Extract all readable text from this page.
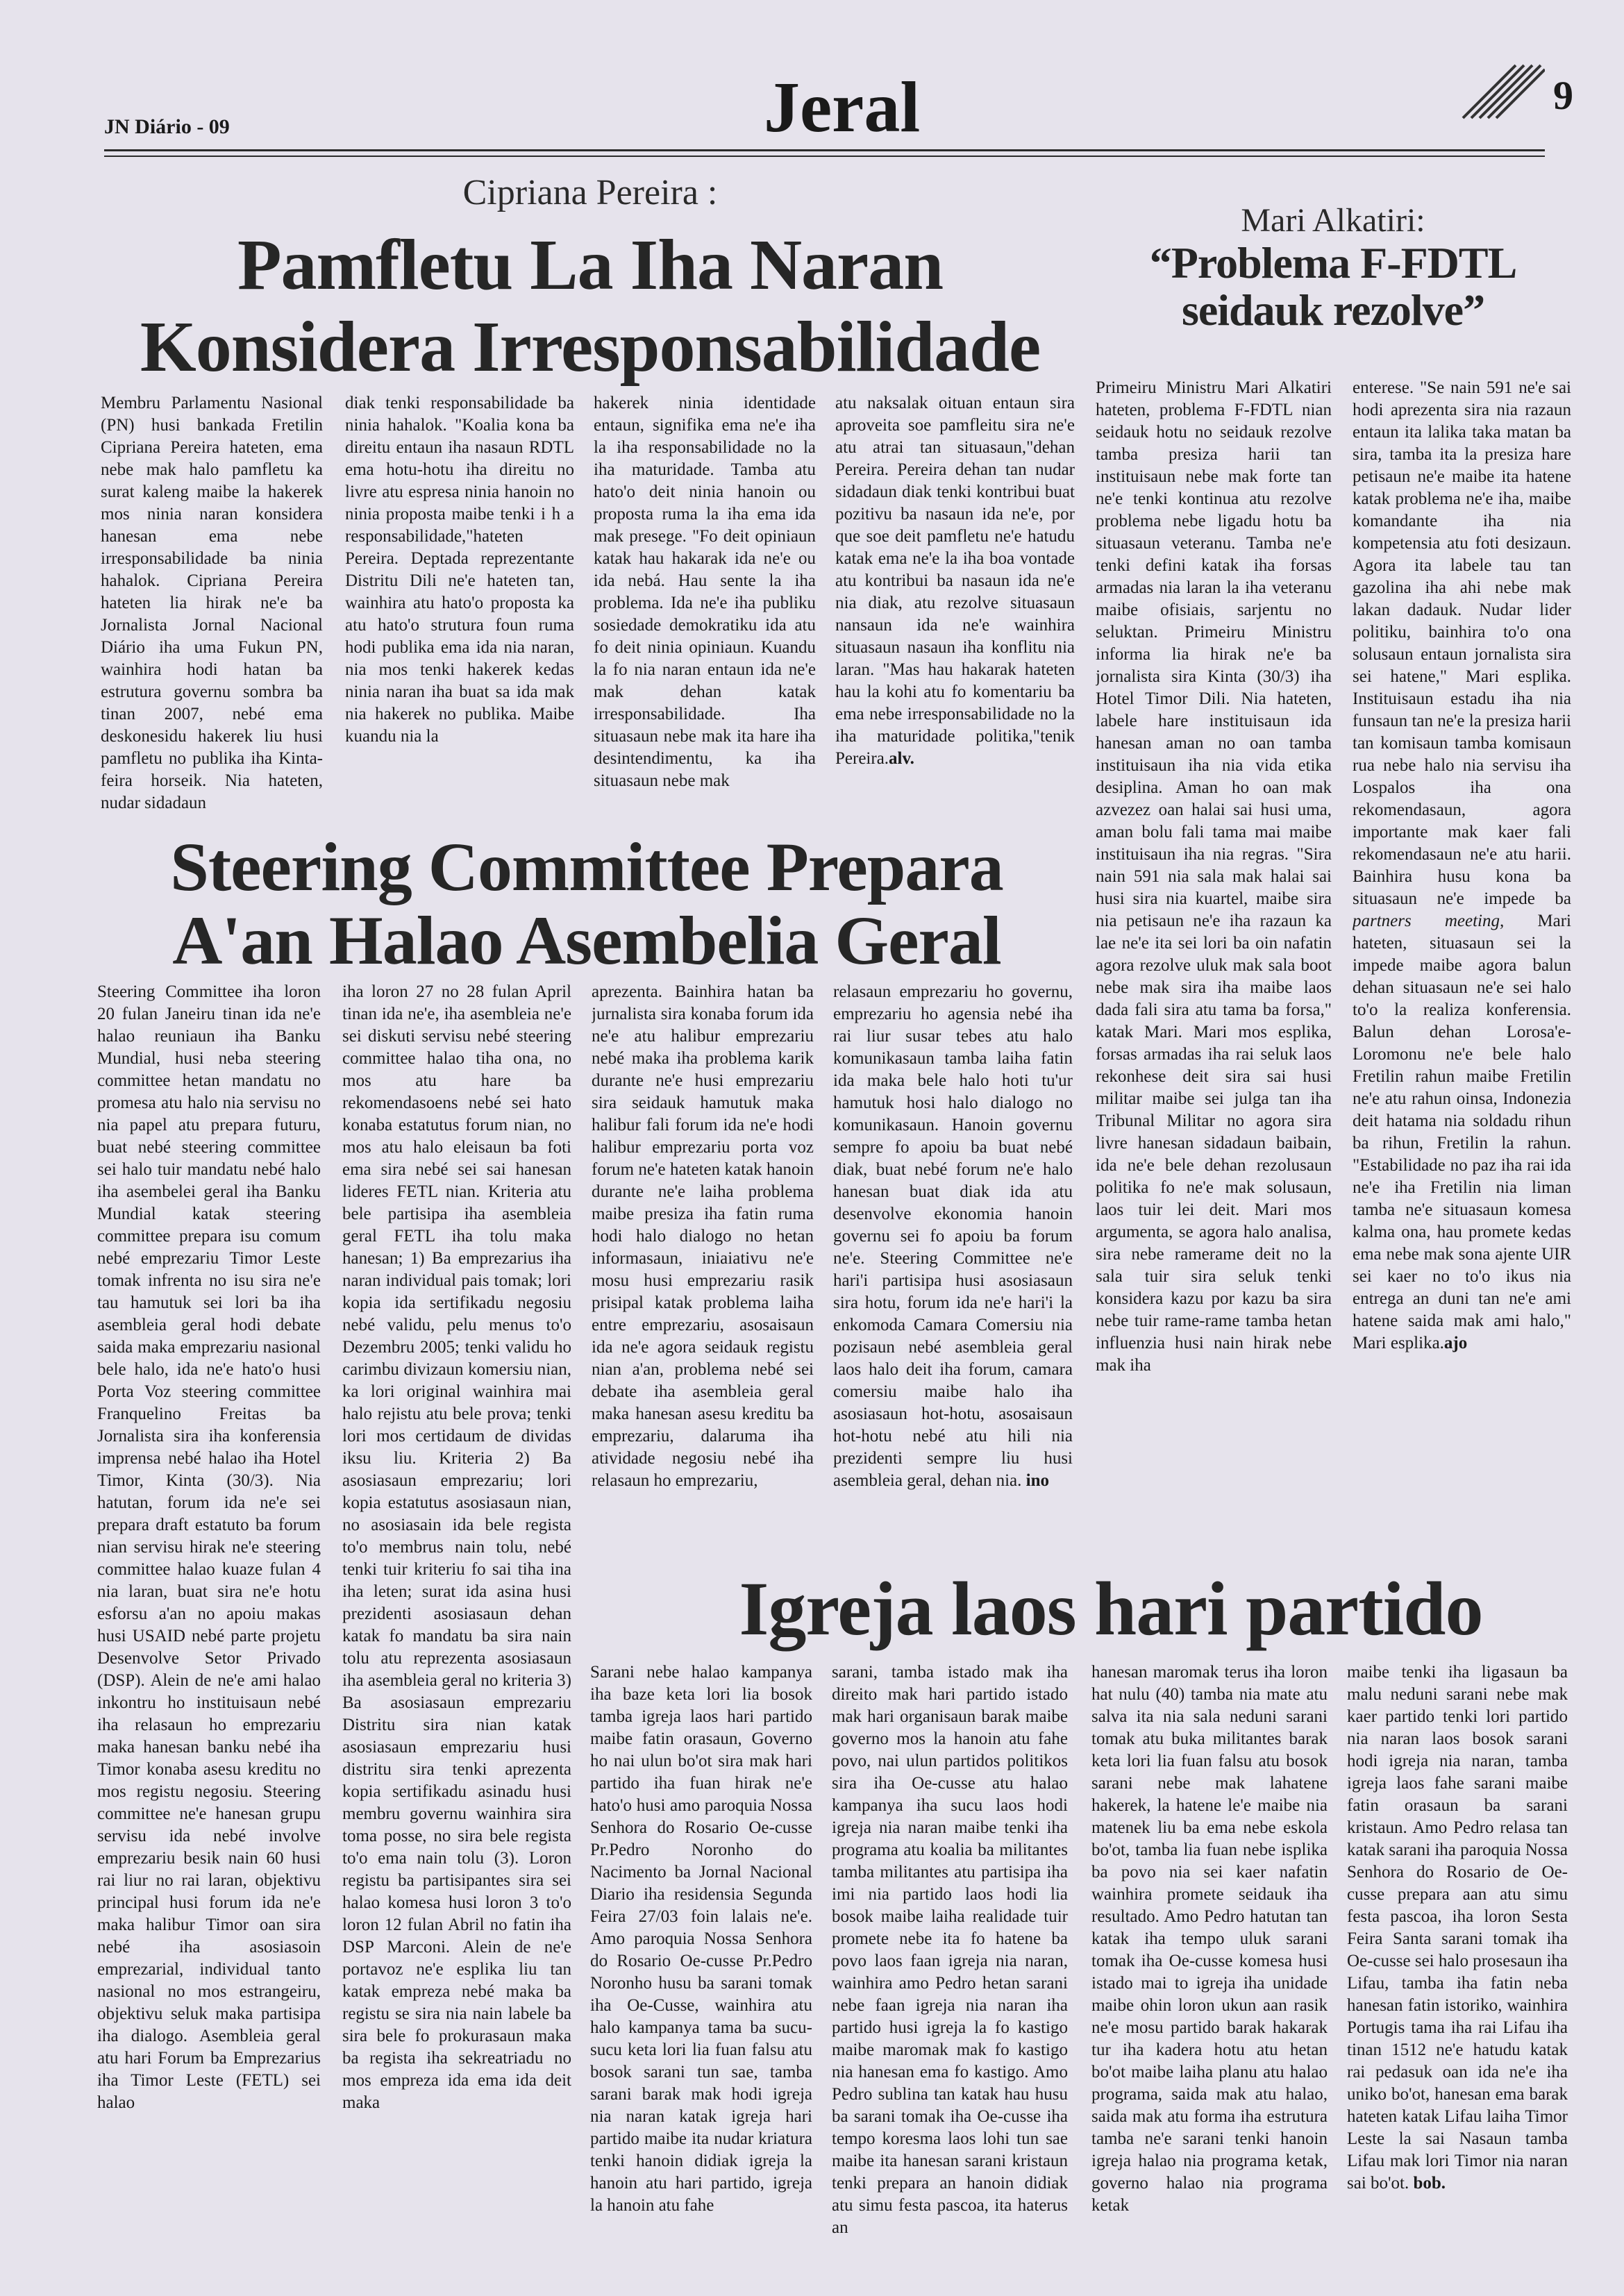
JN Diário - 09	Jeral	9
Cipriana Pereira :
Pamfletu La Iha Naran
Konsidera Irresponsabilidade

Membru Parlamentu Nasional (PN) husi bankada Fretilin Cipriana Pereira hateten, ema nebe mak halo pamfletu ka surat kaleng maibe la hakerek mos ninia naran konsidera hanesan ema nebe irresponsabilidade ba ninia hahalok. Cipriana Pereira hateten lia hirak ne'e ba Jornalista Jornal Nacional Diário iha uma Fukun PN, wainhira hodi hatan ba estrutura governu sombra ba tinan 2007, nebé ema deskonesidu hakerek liu husi pamfletu no publika iha Kinta-feira horseik. Nia hateten, nudar sidadaun

diak tenki responsabilidade ba ninia hahalok. "Koalia kona ba direitu entaun iha nasaun RDTL ema hotu-hotu iha direitu no livre atu espresa ninia hanoin no ninia proposta maibe tenki i h a responsabilidade,"hateten Pereira. Deptada reprezentante Distritu Dili ne'e hateten tan, wainhira atu hato'o proposta ka atu hato'o strutura foun ruma hodi publika ema ida nia naran, nia mos tenki hakerek kedas ninia naran iha buat sa ida mak nia hakerek no publika. Maibe kuandu nia la

hakerek ninia identidade entaun, signifika ema ne'e iha la iha responsabilidade no la iha maturidade. Tamba atu hato'o deit ninia hanoin ou proposta ruma la iha ema ida mak presege. "Fo deit opiniaun katak hau hakarak ida ne'e ou ida nebá. Hau sente la iha problema. Ida ne'e iha publiku sosiedade demokratiku ida atu fo deit ninia opiniaun. Kuandu la fo nia naran entaun ida ne'e mak dehan katak irresponsabilidade. Iha situasaun nebe mak ita hare iha desintendimentu, ka iha situasaun nebe mak

atu naksalak oituan entaun sira aproveita soe pamfleitu sira ne'e atu atrai tan situasaun,"dehan Pereira. Pereira dehan tan nudar sidadaun diak tenki kontribui buat pozitivu ba nasaun ida ne'e, por que soe deit pamfletu ne'e hatudu katak ema ne'e la iha boa vontade atu kontribui ba nasaun ida ne'e nia diak, atu rezolve situasaun nansaun ida ne'e wainhira situasaun nasaun iha konflitu nia laran. "Mas hau hakarak hateten hau la kohi atu fo komentariu ba ema nebe irresponsabilidade no la iha maturidade politika,"tenik Pereira.alv.

Mari Alkatiri:
“Problema F-FDTL
seidauk rezolve”

Primeiru Ministru Mari Alkatiri hateten, problema F-FDTL nian seidauk hotu no seidauk rezolve tamba presiza harii tan instituisaun nebe mak forte tan ne'e tenki kontinua atu rezolve problema nebe ligadu hotu ba situasaun veteranu. Tamba ne'e tenki defini katak iha forsas armadas nia laran la iha veteranu maibe ofisiais, sarjentu no seluktan. Primeiru Ministru informa lia hirak ne'e ba jornalista sira Kinta (30/3) iha Hotel Timor Dili. Nia hateten, labele hare instituisaun ida hanesan aman no oan tamba instituisaun iha nia vida etika desiplina. Aman ho oan mak azvezez oan halai sai husi uma, aman bolu fali tama mai maibe instituisaun iha nia regras. "Sira nain 591 nia sala mak halai sai husi sira nia kuartel, maibe sira nia petisaun ne'e iha razaun ka lae ne'e ita sei lori ba oin nafatin agora rezolve uluk mak sala boot nebe mak sira iha maibe laos dada fali sira atu tama ba forsa," katak Mari. Mari mos esplika, forsas armadas iha rai seluk laos rekonhese deit sira sai husi militar maibe sei julga tan iha Tribunal Militar no agora sira livre hanesan sidadaun baibain, ida ne'e bele dehan rezolusaun politika fo ne'e mak solusaun, laos tuir lei deit. Mari mos argumenta, se agora halo analisa, sira nebe ramerame deit no la sala tuir sira seluk tenki konsidera kazu por kazu ba sira nebe tuir rame-rame tamba hetan influenzia husi nain hirak nebe mak iha

enterese. "Se nain 591 ne'e sai hodi aprezenta sira nia razaun entaun ita lalika taka matan ba sira, tamba ita la presiza hare petisaun ne'e maibe ita hatene katak problema ne'e iha, maibe komandante iha nia kompetensia atu foti desizaun. Agora ita labele tau tan gazolina iha ahi nebe mak lakan dadauk. Nudar lider politiku, bainhira to'o ona solusaun entaun jornalista sira sei hatene," Mari esplika. Instituisaun estadu iha nia funsaun tan ne'e la presiza harii tan komisaun tamba komisaun rua nebe halo nia servisu iha Lospalos iha ona rekomendasaun, agora importante mak kaer fali rekomendasaun ne'e atu harii. Bainhira husu kona ba situasaun ne'e impede ba partners meeting, Mari hateten, situasaun sei la impede maibe agora balun dehan situasaun ne'e sei halo to'o la realiza konferensia. Balun dehan Lorosa'e-Loromonu ne'e bele halo Fretilin rahun maibe Fretilin ne'e atu rahun oinsa, Indonezia deit hatama nia soldadu rihun ba rihun, Fretilin la rahun. "Estabilidade no paz iha rai ida ne'e iha Fretilin nia liman tamba ne'e situasaun komesa kalma ona, hau promete kedas ema nebe mak sona ajente UIR sei kaer no to'o ikus nia entrega an duni tan ne'e ami hatene saida mak ami halo," Mari esplika.ajo

Steering Committee Prepara
A'an Halao Asembelia Geral

Steering Committee iha loron 20 fulan Janeiru tinan ida ne'e halao reuniaun iha Banku Mundial, husi neba steering committee hetan mandatu no promesa atu halo nia servisu no nia papel atu prepara futuru, buat nebé steering committee sei halo tuir mandatu nebé halo iha asembelei geral iha Banku Mundial katak steering committee prepara isu comum nebé emprezariu Timor Leste tomak infrenta no isu sira ne'e tau hamutuk sei lori ba iha asembleia geral hodi debate saida maka emprezariu nasional bele halo, ida ne'e hato'o husi Porta Voz steering committee Franquelino Freitas ba Jornalista sira iha konferensia imprensa nebé halao iha Hotel Timor, Kinta (30/3). Nia hatutan, forum ida ne'e sei prepara draft estatuto ba forum nian servisu hirak ne'e steering committee halao kuaze fulan 4 nia laran, buat sira ne'e hotu esforsu a'an no apoiu makas husi USAID nebé parte projetu Desenvolve Setor Privado (DSP). Alein de ne'e ami halao inkontru ho instituisaun nebé iha relasaun ho emprezariu maka hanesan banku nebé iha Timor konaba asesu kreditu no mos registu negosiu. Steering committee ne'e hanesan grupu servisu ida nebé involve emprezariu besik nain 60 husi rai liur no rai laran, objektivu principal husi forum ida ne'e maka halibur Timor oan sira nebé iha asosiasoin emprezarial, individual tanto nasional no mos estrangeiru, objektivu seluk maka partisipa iha dialogo. Asembleia geral atu hari Forum ba Emprezarius iha Timor Leste (FETL) sei halao

iha loron 27 no 28 fulan April tinan ida ne'e, iha asembleia ne'e sei diskuti servisu nebé steering committee halao tiha ona, no mos atu hare ba rekomendasoens nebé sei hato konaba estatutus forum nian, no mos atu halo eleisaun ba foti ema sira nebé sei sai hanesan lideres FETL nian. Kriteria atu bele partisipa iha asembleia geral FETL iha tolu maka hanesan; 1) Ba emprezarius iha naran individual pais tomak; lori kopia ida sertifikadu negosiu nebé validu, pelu menus to'o Dezembru 2005; tenki validu ho carimbu divizaun komersiu nian, ka lori original wainhira mai halo rejistu atu bele prova; tenki lori mos certidaum de dividas iksu liu. Kriteria 2) Ba asosiasaun emprezariu; lori kopia estatutus asosiasaun nian, no asosiasain ida bele regista to'o membrus nain tolu, nebé tenki tuir kriteriu fo sai tiha ina iha leten; surat ida asina husi prezidenti asosiasaun dehan katak fo mandatu ba sira nain tolu atu reprezenta asosiasaun iha asembleia geral no kriteria 3) Ba asosiasaun emprezariu Distritu sira nian katak asosiasaun emprezariu husi distritu sira tenki aprezenta kopia sertifikadu asinadu husi membru governu wainhira sira toma posse, no sira bele regista to'o ema nain tolu (3). Loron registu ba partisipantes sira sei halao komesa husi loron 3 to'o loron 12 fulan Abril no fatin iha DSP Marconi. Alein de ne'e portavoz ne'e esplika liu tan katak empreza nebé maka ba registu se sira nia nain labele ba sira bele fo prokurasaun maka ba regista iha sekreatriadu no mos empreza ida ema ida deit maka

aprezenta. Bainhira hatan ba jurnalista sira konaba forum ida ne'e atu halibur emprezariu nebé maka iha problema karik durante ne'e husi emprezariu sira seidauk hamutuk maka halibur fali forum ida ne'e hodi halibur emprezariu porta voz forum ne'e hateten katak hanoin durante ne'e laiha problema maibe presiza iha fatin ruma hodi halo dialogo no hetan informasaun, iniaiativu ne'e mosu husi emprezariu rasik prisipal katak problema laiha entre emprezariu, asosaisaun ida ne'e agora seidauk registu nian a'an, problema nebé sei debate iha asembleia geral maka hanesan asesu kreditu ba emprezariu, dalaruma iha atividade negosiu nebé iha relasaun ho emprezariu,

relasaun emprezariu ho governu, emprezariu ho agensia nebé iha rai liur susar tebes atu halo komunikasaun tamba laiha fatin ida maka bele halo hoti tu'ur hamutuk hosi halo dialogo no komunikasaun. Hanoin governu sempre fo apoiu ba buat nebé diak, buat nebé forum ne'e halo hanesan buat diak ida atu desenvolve ekonomia hanoin governu sei fo apoiu ba forum ne'e. Steering Committee ne'e hari'i partisipa husi asosiasaun sira hotu, forum ida ne'e hari'i la enkomoda Camara Comersiu nia pozisaun nebé asembleia geral laos halo deit iha forum, camara comersiu maibe halo iha asosiasaun hot-hotu, asosaisaun hot-hotu nebé atu hili nia prezidenti sempre liu husi asembleia geral, dehan nia. ino

Igreja laos hari partido

Sarani nebe halao kampanya iha baze keta lori lia bosok tamba igreja laos hari partido maibe fatin orasaun, Governo ho nai ulun bo'ot sira mak hari partido iha fuan hirak ne'e hato'o husi amo paroquia Nossa Senhora do Rosario Oe-cusse Pr.Pedro Noronho do Nacimento ba Jornal Nacional Diario iha residensia Segunda Feira 27/03 foin lalais ne'e. Amo paroquia Nossa Senhora do Rosario Oe-cusse Pr.Pedro Noronho husu ba sarani tomak iha Oe-Cusse, wainhira atu halo kampanya tama ba sucu-sucu keta lori lia fuan falsu atu bosok sarani tun sae, tamba sarani barak mak hodi igreja nia naran katak igreja hari partido maibe ita nudar kriatura tenki hanoin didiak igreja la hanoin atu hari partido, igreja la hanoin atu fahe

sarani, tamba istado mak iha direito mak hari partido istado mak hari organisaun barak maibe governo mos la hanoin atu fahe povo, nai ulun partidos politikos sira iha Oe-cusse atu halao kampanya iha sucu laos hodi igreja nia naran maibe tenki iha programa atu koalia ba militantes tamba militantes atu partisipa iha imi nia partido laos hodi lia bosok maibe laiha realidade tuir promete nebe ita fo hatene ba povo laos faan igreja nia naran, wainhira amo Pedro hetan sarani nebe faan igreja nia naran iha partido husi igreja la fo kastigo maibe maromak mak fo kastigo nia hanesan ema fo kastigo. Amo Pedro sublina tan katak hau husu ba sarani tomak iha Oe-cusse iha tempo koresma laos lohi tun sae maibe ita hanesan sarani kristaun tenki prepara an hanoin didiak atu simu festa pascoa, ita haterus an

hanesan maromak terus iha loron hat nulu (40) tamba nia mate atu salva ita nia sala neduni sarani tomak atu buka militantes barak keta lori lia fuan falsu atu bosok sarani nebe mak lahatene hakerek, la hatene le'e maibe nia matenek liu ba ema nebe eskola bo'ot, tamba lia fuan nebe isplika ba povo nia sei kaer nafatin wainhira promete seidauk iha resultado. Amo Pedro hatutan tan katak iha tempo uluk sarani tomak iha Oe-cusse komesa husi istado mai to igreja iha unidade maibe ohin loron ukun aan rasik ne'e mosu partido barak hakarak tur iha kadera hotu atu hetan bo'ot maibe laiha planu atu halao programa, saida mak atu halao, saida mak atu forma iha estrutura tamba ne'e sarani tenki hanoin igreja halao nia programa ketak, governo halao nia programa ketak

maibe tenki iha ligasaun ba malu neduni sarani nebe mak kaer partido tenki lori partido nia naran laos bosok sarani hodi igreja nia naran, tamba igreja laos fahe sarani maibe fatin orasaun ba sarani kristaun. Amo Pedro relasa tan katak sarani iha paroquia Nossa Senhora do Rosario de Oe-cusse prepara aan atu simu festa pascoa, iha loron Sesta Feira Santa sarani tomak iha Oe-cusse sei halo prosesaun iha Lifau, tamba iha fatin neba hanesan fatin istoriko, wainhira Portugis tama iha rai Lifau iha tinan 1512 ne'e hatudu katak rai pedasuk oan ida ne'e iha uniko bo'ot, hanesan ema barak hateten katak Lifau laiha Timor Leste la sai Nasaun tamba Lifau mak lori Timor nia naran sai bo'ot. bob.
